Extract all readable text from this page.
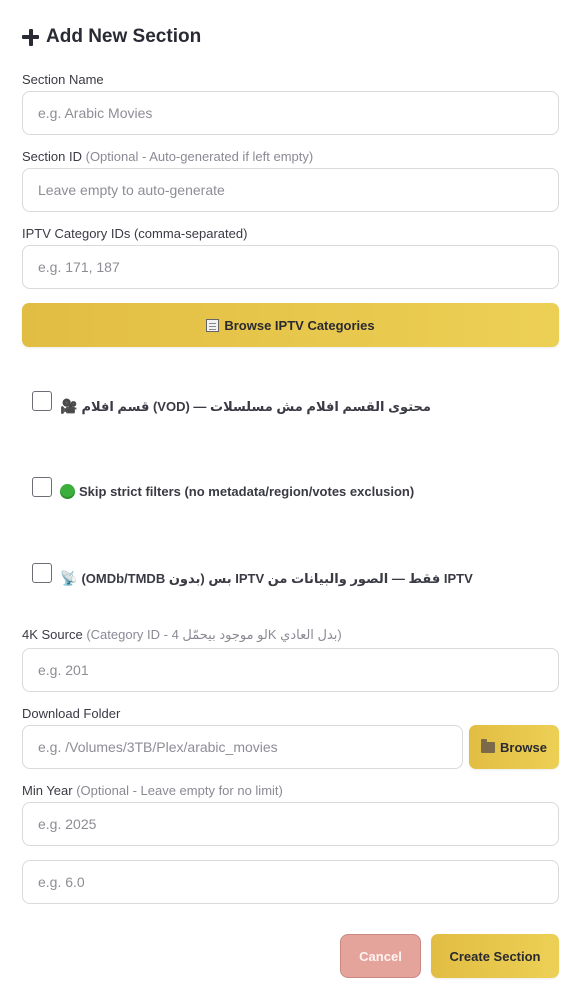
Add New Section
Section Name
e.g. Arabic Movies
Section ID (Optional - Auto-generated if left empty)
Leave empty to auto-generate
IPTV Category IDs (comma-separated)
e.g. 171, 187
Browse IPTV Categories
🎥 محتوى القسم افلام مش مسلسلات — (VOD) قسم افلام
Skip strict filters (no metadata/region/votes exclusion)
📡 IPTV فقط — الصور والبيانات من IPTV بس (بدون OMDb/TMDB)
4K Source (Category ID - لو موجود بيحمّل 4K بدل العادي)
e.g. 201
Download Folder
e.g. /Volumes/3TB/Plex/arabic_movies
Browse
Min Year (Optional - Leave empty for no limit)
e.g. 2025
e.g. 6.0
Cancel	Create Section
